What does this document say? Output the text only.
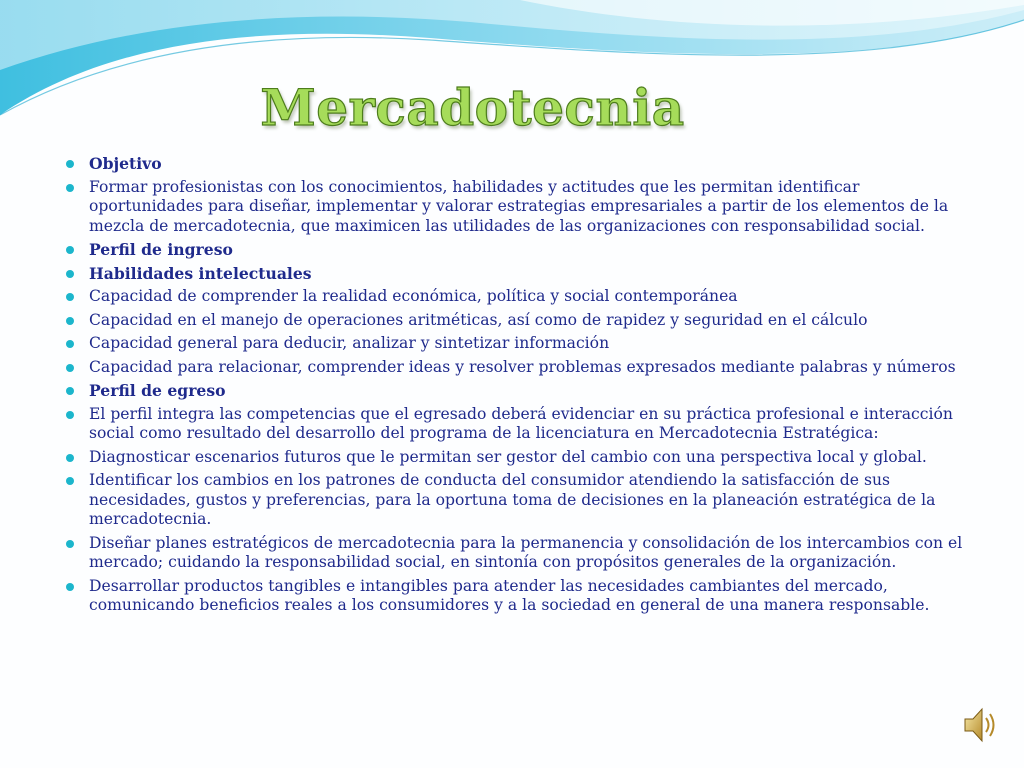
Mercadotecnia
Objetivo
Formar profesionistas con los conocimientos, habilidades y actitudes que les permitan identificar oportunidades para diseñar, implementar y valorar estrategias empresariales a partir de los elementos de la mezcla de mercadotecnia, que maximicen las utilidades de las organizaciones con responsabilidad social.
Perfil de ingreso
Habilidades intelectuales
Capacidad de comprender la realidad económica, política y social contemporánea
Capacidad en el manejo de operaciones aritméticas, así como de rapidez y seguridad en el cálculo
Capacidad general para deducir, analizar y sintetizar información
Capacidad para relacionar, comprender ideas y resolver problemas expresados mediante palabras y números
Perfil de egreso
El perfil integra las competencias que el egresado deberá evidenciar en su práctica profesional e interacción social como resultado del desarrollo del programa de la licenciatura en Mercadotecnia Estratégica:
Diagnosticar escenarios futuros que le permitan ser gestor del cambio con una perspectiva local y global.
Identificar los cambios en los patrones de conducta del consumidor atendiendo la satisfacción de sus necesidades, gustos y preferencias, para la oportuna toma de decisiones en la planeación estratégica de la mercadotecnia.
Diseñar planes estratégicos de mercadotecnia para la permanencia y consolidación de los intercambios con el mercado; cuidando la responsabilidad social, en sintonía con propósitos generales de la organización.
Desarrollar productos tangibles e intangibles para atender las necesidades cambiantes del mercado, comunicando beneficios reales a los consumidores y a la sociedad en general de una manera responsable.
